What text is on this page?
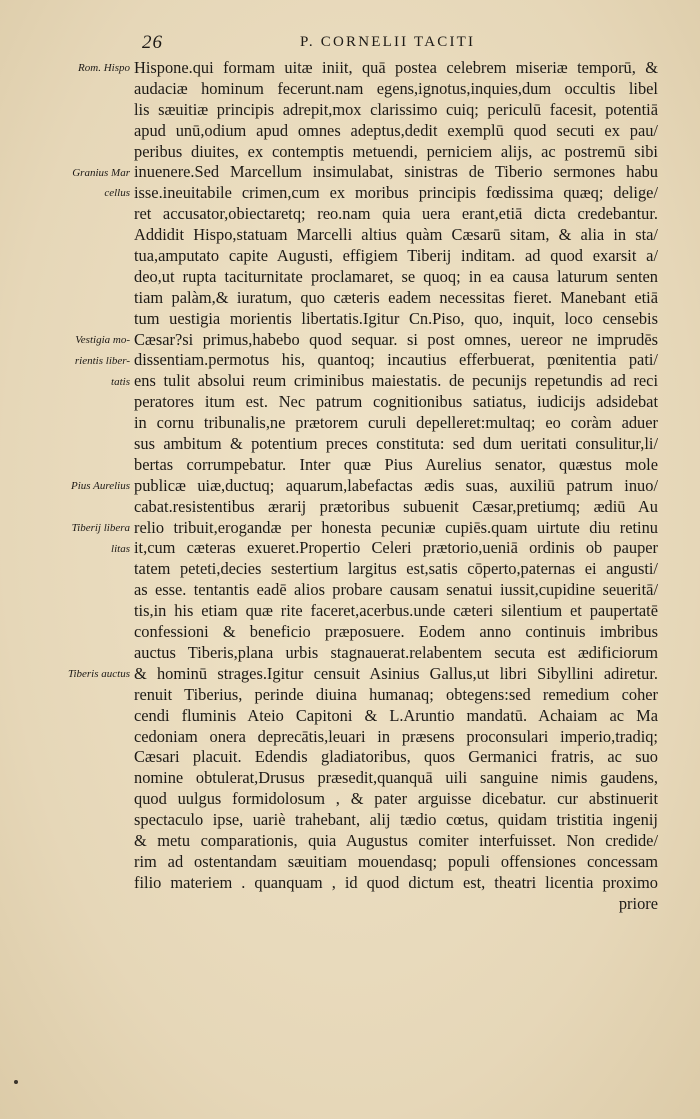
26	P. CORNELII TACITI
Rom. Hispo
Granius Mar
cellus
Vestigia mo-
rientis liber-
tatis
Pius Aurelius
Tiberij libera
litas
Tiberis auctus
Hispone.qui formam uitæ iniit, quā postea celebrem miseriæ temporū, &
audaciæ hominum fecerunt.nam egens,ignotus,inquies,dum occultis libel
lis sæuitiæ principis adrepit,mox clarissimo cuiq; periculū facesit, potentiā
apud unū,odium apud omnes adeptus,dedit exemplū quod secuti ex pau/
peribus diuites, ex contemptis metuendi, perniciem alijs, ac postremū sibi
inuenere.Sed Marcellum insimulabat, sinistras de Tiberio sermones habu
isse.ineuitabile crimen,cum ex moribus principis fœdissima quæq; delige/
ret accusator,obiectaretq; reo.nam quia uera erant,etiā dicta credebantur.
Addidit Hispo,statuam Marcelli altius quàm Cæsarū sitam, & alia in sta/
tua,amputato capite Augusti, effigiem Tiberij inditam. ad quod exarsit a/
deo,ut rupta taciturnitate proclamaret, se quoq; in ea causa laturum senten
tiam palàm,& iuratum, quo cæteris eadem necessitas fieret. Manebant etiā
tum uestigia morientis libertatis.Igitur Cn.Piso, quo, inquit, loco censebis
Cæsar?si primus,habebo quod sequar. si post omnes, uereor ne imprudēs
dissentiam.permotus his, quantoq; incautius efferbuerat, pœnitentia pati/
ens tulit absolui reum criminibus maiestatis. de pecunijs repetundis ad reci
peratores itum est. Nec patrum cognitionibus satiatus, iudicijs adsidebat
in cornu tribunalis,ne prætorem curuli depelleret:multaq; eo coràm aduer
sus ambitum & potentium preces constituta: sed dum ueritati consulitur,li/
bertas corrumpebatur. Inter quæ Pius Aurelius senator, quæstus mole
publicæ uiæ,ductuq; aquarum,labefactas ædis suas, auxiliū patrum inuo/
cabat.resistentibus ærarij prætoribus subuenit Cæsar,pretiumq; ædiū Au
relio tribuit,erogandæ per honesta pecuniæ cupiēs.quam uirtute diu retinu
it,cum cæteras exueret.Propertio Celeri prætorio,ueniā ordinis ob pauper
tatem peteti,decies sestertium largitus est,satis cōperto,paternas ei angusti/
as esse. tentantis eadē alios probare causam senatui iussit,cupidine seueritā/
tis,in his etiam quæ rite faceret,acerbus.unde cæteri silentium et paupertatē
confessioni & beneficio præposuere. Eodem anno continuis imbribus
auctus Tiberis,plana urbis stagnauerat.relabentem secuta est ædificiorum
& hominū strages.Igitur censuit Asinius Gallus,ut libri Sibyllini adiretur.
renuit Tiberius, perinde diuina humanaq; obtegens:sed remedium coher
cendi fluminis Ateio Capitoni & L.Aruntio mandatū. Achaiam ac Ma
cedoniam onera deprecātis,leuari in præsens proconsulari imperio,tradiq;
Cæsari placuit. Edendis gladiatoribus, quos Germanici fratris, ac suo
nomine obtulerat,Drusus præsedit,quanquā uili sanguine nimis gaudens,
quod uulgus formidolosum , & pater arguisse dicebatur. cur abstinuerit
spectaculo ipse, uariè trahebant, alij tædio cœtus, quidam tristitia ingenij
& metu comparationis, quia Augustus comiter interfuisset. Non credide/
rim ad ostentandam sæuitiam mouendasq; populi offensiones concessam
filio materiem . quanquam , id quod dictum est, theatri licentia proximo
priore
